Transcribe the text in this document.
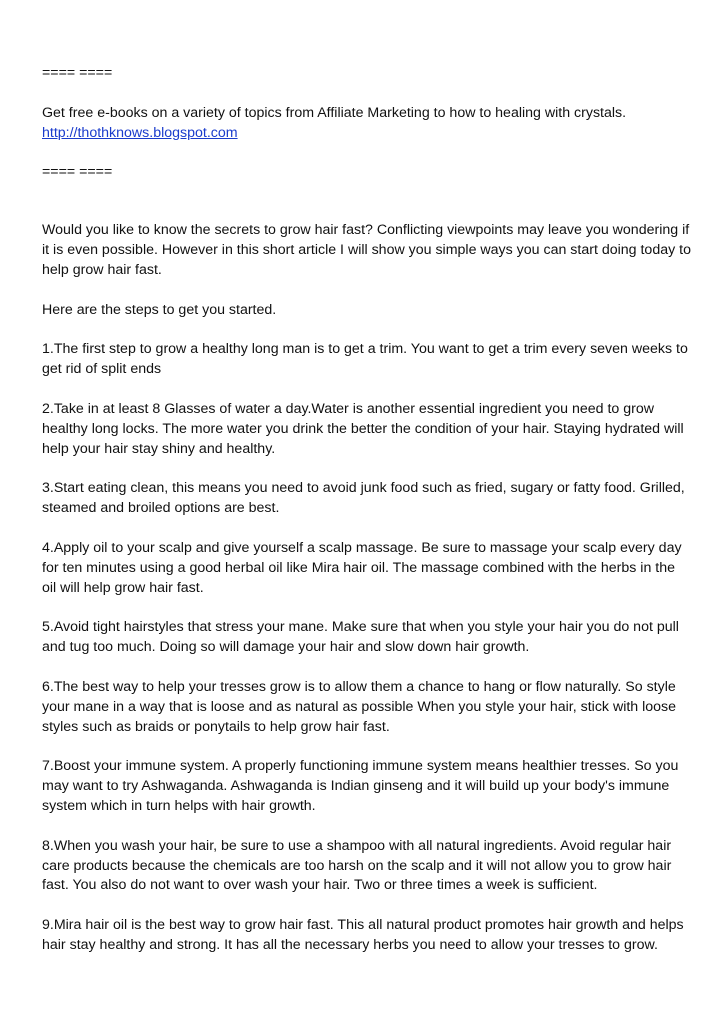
==== ====

Get free e-books on a variety of topics from Affiliate Marketing to how to healing with crystals.

http://thothknows.blogspot.com

==== ====

Would you like to know the secrets to grow hair fast? Conflicting viewpoints may leave you wondering if it is even possible. However in this short article I will show you simple ways you can start doing today to help grow hair fast.

Here are the steps to get you started.

1.The first step to grow a healthy long man is to get a trim. You want to get a trim every seven weeks to get rid of split ends

2.Take in at least 8 Glasses of water a day.Water is another essential ingredient you need to grow healthy long locks. The more water you drink the better the condition of your hair. Staying hydrated will help your hair stay shiny and healthy.

3.Start eating clean, this means you need to avoid junk food such as fried, sugary or fatty food. Grilled, steamed and broiled options are best.

4.Apply oil to your scalp and give yourself a scalp massage. Be sure to massage your scalp every day for ten minutes using a good herbal oil like Mira hair oil. The massage combined with the herbs in the oil will help grow hair fast.

5.Avoid tight hairstyles that stress your mane. Make sure that when you style your hair you do not pull and tug too much. Doing so will damage your hair and slow down hair growth.

6.The best way to help your tresses grow is to allow them a chance to hang or flow naturally. So style your mane in a way that is loose and as natural as possible When you style your hair, stick with loose styles such as braids or ponytails to help grow hair fast.

7.Boost your immune system. A properly functioning immune system means healthier tresses. So you may want to try Ashwaganda. Ashwaganda is Indian ginseng and it will build up your body's immune system which in turn helps with hair growth.

8.When you wash your hair, be sure to use a shampoo with all natural ingredients. Avoid regular hair care products because the chemicals are too harsh on the scalp and it will not allow you to grow hair fast. You also do not want to over wash your hair. Two or three times a week is sufficient.

9.Mira hair oil is the best way to grow hair fast. This all natural product promotes hair growth and helps hair stay healthy and strong. It has all the necessary herbs you need to allow your tresses to grow.
